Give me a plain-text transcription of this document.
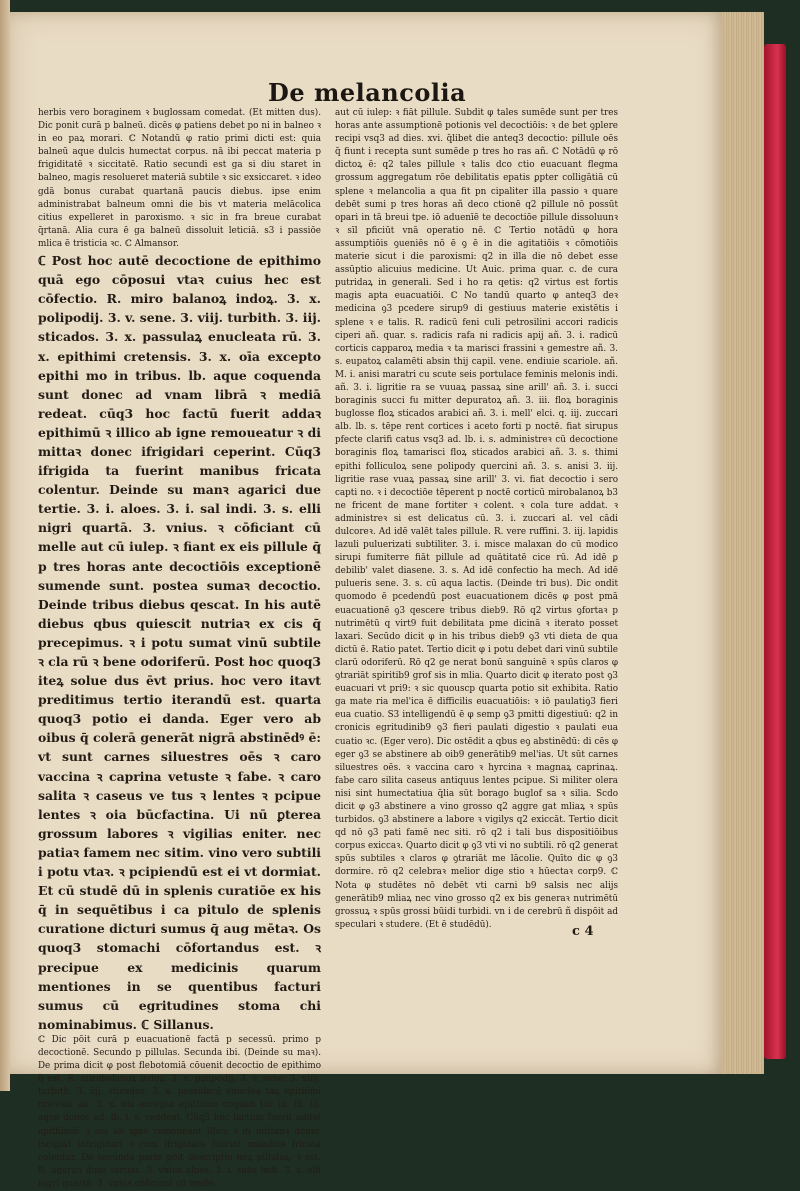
De melancolia

herbis vero boraginem ꝛ buglossam comedat. (Et mitten dus). Dic ponit curā p balneū. dicēs φ patiens debet po ni in balneo ꝛ in eo paꝝ morari. ℂ Notandū φ ratio primi dicti est: quia balneū aque dulcis humectat corpus. nā ibi peccat materia p frigiditatē ꝛ siccitatē. Ratio secundi est ga si diu staret in balneo, magis resolueret materiā subtile ꝛ sic exsiccaret. ꝛ ideo gdā bonus curabat quartanā paucis diebus. ipse enim administrabat balneum omni die bis vt materia melācolica citius expelleret in paroxismo. ꝛ sic in fra breue curabat q̄rtanā. Alia cura ē ga balneū dissoluit leticiā. s3 i passiōe mlica ē tristicia ꝛc. ℂ Almansor.

ℂ Post hoc autē decoctione de epithimo quā ego cōposui vtaꝛ cuius hec est cōfectio. R. miro balanoꝝ indoꝝ. 3. x. polipodij. 3. v. sene. 3. viij. turbith. 3. iij. sticados. 3. x. passulaꝝ enucleata rū. 3. x. epithimi cretensis. 3. x. oīa excepto epithi mo in tribus. lb. aque coquenda sunt donec ad vnam librā ꝛ mediā redeat. cūq3 hoc factū fuerit addaꝛ epithimū ꝛ illico ab igne remoueatur ꝛ di mittaꝛ donec ifrigidari ceperint. Cūq3 ifrigida ta fuerint manibus fricata colentur. Deinde su manꝛ agarici due tertie. 3. i. aloes. 3. i. sal indi. 3. s. elli nigri quartā. 3. vnius. ꝛ cōficiant cū melle aut cū iulep. ꝛ fiant ex eis pillule q̄ p tres horas ante decoctiōis exceptionē sumende sunt. postea sumaꝛ decoctio. Deinde tribus diebus qescat. In his autē diebus qbus quiescit nutriaꝛ ex cis q̄ precepimus. ꝛ i potu sumat vinū subtile ꝛ cla rū ꝛ bene odoriferū. Post hoc quoq3 iteꝝ solue dus ēvt prius. hoc vero itavt preditimus tertio iterandū est. quarta quoq3 potio ei danda. Eger vero ab oibus q̄ colerā generāt nigrā abstinēdꝰ ē: vt sunt carnes siluestres oēs ꝛ caro vaccina ꝛ caprina vetuste ꝛ fabe. ꝛ caro salita ꝛ caseus ve tus ꝛ lentes ꝛ pcipue lentes ꝛ oia būcfactina. Ui nū ꝑterea grossum labores ꝛ vigilias eniter. nec patiaꝛ famem nec sitim. vino vero subtili i potu vtaꝛ. ꝛ pcipiendū est ei vt dormiat. Et cū studē dū in splenis curatiōe ex his q̄ in sequētibus i ca pitulo de splenis curatione dicturi sumus q̄ aug mētaꝛ. Os quoq3 stomachi cōfortandus est. ꝛ precipue ex medicinis quarum mentiones in se quentibus facturi sumus cū egritudines stoma chi nominabimus. ℂ Sillanus.

ℂ Dic pōit curā p euacuationē factā p secessū. primo p decoctionē. Secundo p pillulas. Secunda ibi. (Deinde su maꝛ). De prima dicit φ post flebotomiā cōuenit decoctio de epithimo q̄ est. R. mirobalanoꝝ indoꝝ. 3. x. polipodij. 3. v. sene. 3. viiij. turbith. 3. iiij. sticados. 3. x. passularū enuclea taꝝ epithimi cretēsis an. 3. x. oia excepto epithimo coquan tur in. lb. iij. aque donec ad. lb. i. s. reddeat. Cūq3 hoc factum fuerit addat epithimū: ꝛ oia ab igne remoueant illico ꝛ di mittanꝛ donec incipiāt infrigidari ꝛ cum ifrigidata fuerint manibus fricata colentur. De secunda parte pōit descriptio neꝝ pillulaꝝ: ꝛ est. R. agarici duas tertias. 3. vnius aloes. 3. i. salis indi. 3. s. elli nigri quartā. 3. vnius cōficiant cū melle:

aut cū iulep: ꝛ fiāt pillule. Subdit φ tales sumēde sunt per tres horas ante assumptionē potionis vel decoctiōis: ꝛ de bet ꝯplere recipi vsq3 ad dies. xvi. q̄libet die anteq3 decoctio: pillule oēs q̄ fiunt i recepta sunt sumēde p tres ho ras añ. ℂ Notādū φ rō dictoꝝ ē: q2 tales pillule ꝛ talis dco ctio euacuant flegma grossum aggregatum rōe debilitatis epatis ꝑpter colligātiā cū splene ꝛ melancolia a qua fit pn cipaliter illa passio ꝛ quare debēt sumi p tres horas añ deco ctionē q2 pillule nō possūt opari in tā breui tpe. iō aduenīē te decoctiōe pillule dissoluunꝛ ꝛ sīl pficiūt vnā operatio nē. ℂ Tertio notādū φ hora assumptiōis ꝯueniēs nō ē ꝯ ē in die agitatiōis ꝛ cōmotiōis materie sicut i die paroxismi: q2 in illa die nō debet esse assūptio alicuius medicine. Ut Auic. prima quar. c. de cura putridaꝝ in generali. Sed i ho ra qetis: q2 virtus est fortis magis apta euacuatiōi. ℂ No tandū quarto φ anteq3 deꝛ medicina ꝯ3 pcedere sirup9 di gestiuus materie existētis i splene ꝛ e talis. R. radicū feni culi petrosilini accori radicis ciperi añ. quar. s. radicis rafa ni radicis apij añ. 3. i. radicū corticis capparoꝝ media ꝛ ta marisci frassini ꝛ gemestre añ. 3. s. eupatoꝝ calamēti absin thij capil. vene. endiuie scariole. añ. M. i. anisi maratri cu scute seis portulace feminis melonis indi. añ. 3. i. ligritie ra se vuuaꝝ passaꝝ sine arill' añ. 3. i. succi boraginis succi fu mitter depuratoꝝ añ. 3. iii. floꝝ boraginis buglosse floꝝ sticados arabici añ. 3. i. mell' elci. q. iij. zuccari alb. lb. s. tēpe rent cortices i aceto forti p noctē. fiat sirupus pfecte clarifi catus vsq3 ad. lb. i. s. administreꝛ cū decoctione boraginis floꝝ tamarisci floꝝ sticados arabici añ. 3. s. thimi epithi folliculoꝝ sene polipody quercini añ. 3. s. anisi 3. iij. ligritie rase vuaꝝ passaꝝ sine arill' 3. vi. fiat decoctio i sero capti no. ꝛ i decoctiōe tēperent p noctē corticū mirobalanoꝝ b3 ne fricent de mane fortiter ꝛ colent. ꝛ cola ture addat. ꝛ administreꝛ si est delicatus cū. 3. i. zuccari al. vel cādi dulcoreꝛ. Ad idē valēt tales pillule. R. vere ruffini. 3. iij. lapidis lazuli puluerizati subtiliter. 3. i. misce malaxan do cū modico sirupi fumiterre fiāt pillule ad quātitatē cice rū. Ad idē ꝑ debilib' valet diasene. 3. s. Ad idē confectio ha mech. Ad idē pulueris sene. 3. s. cū aqua lactis. (Deinde tri bus). Dic ondit quomodo ē pcedendū post euacuationem dicēs φ post pmā euacuationē ꝯ3 qescere tribus dieb9. Rō q2 virtus ꝯfortaꝛ p nutrimētū q virt9 fuit debilitata pme dicinā ꝛ iterato posset laxari. Secūdo dicit φ in his tribus dieb9 ꝯ3 vti dieta de qua dictū ē. Ratio patet. Tertio dicit φ i potu debet dari vinū subtile clarū odoriferū. Rō q2 ge nerat bonū sanguinē ꝛ spūs claros φ ꝯtrariāt spiritib9 grof sis in mlia. Quarto dicit φ iterato post ꝯ3 euacuari vt pri9: ꝛ sic quouscp quarta potio sit exhibita. Ratio ga mate ria mel'ica ē difficilis euacuatiōis: ꝛ iō paulatiꝯ3 fieri eua cuatio. S3 intelligendū ē φ semp ꝯ3 pmitti digestiuū: q2 in cronicis egritudinib9 ꝯ3 fieri paulati digestio ꝛ paulati eua cuatio ꝛc. (Eger vero). Dic ostēdit a qbus eꝯ abstinēdū: di cēs φ eger ꝯ3 se abstinere ab oib9 generātib9 mel'ias. Ut sūt carnes siluestres oēs. ꝛ vaccina caro ꝛ hyrcina ꝛ magnaꝝ caprinaꝝ. fabe caro silita caseus antiquus lentes pcipue. Si militer olera nisi sint humectatiua q̄lia sūt borago buglof sa ꝛ silia. Scdo dicit φ ꝯ3 abstinere a vino grosso q2 aggre gat mliaꝝ ꝛ spūs turbidos. ꝯ3 abstinere a labore ꝛ vigilys q2 exiccāt. Tertio dicit qd nō ꝯ3 pati famē nec siti. rō q2 i tali bus dispositiōibus corpus exiccaꝛ. Quarto dicit φ ꝯ3 vti vi no subtili. rō q2 generat spūs subtiles ꝛ claros φ ꝯtrariāt me lācolie. Quīto dic φ ꝯ3 dormire. rō q2 celebraꝛ melior dige stio ꝛ hūectaꝛ corp9. ℂ Nota φ studētes nō debēt vti carni b9 salsis nec alijs generātib9 mliaꝝ nec vino grosso q2 ex bis generaꝛ nutrimētū grossuꝝ ꝛ spūs grossi būidi turbidi. vn i de cerebrū ñ dispōit ad speculari ꝛ studere. (Et ē studēdū).	c 4
